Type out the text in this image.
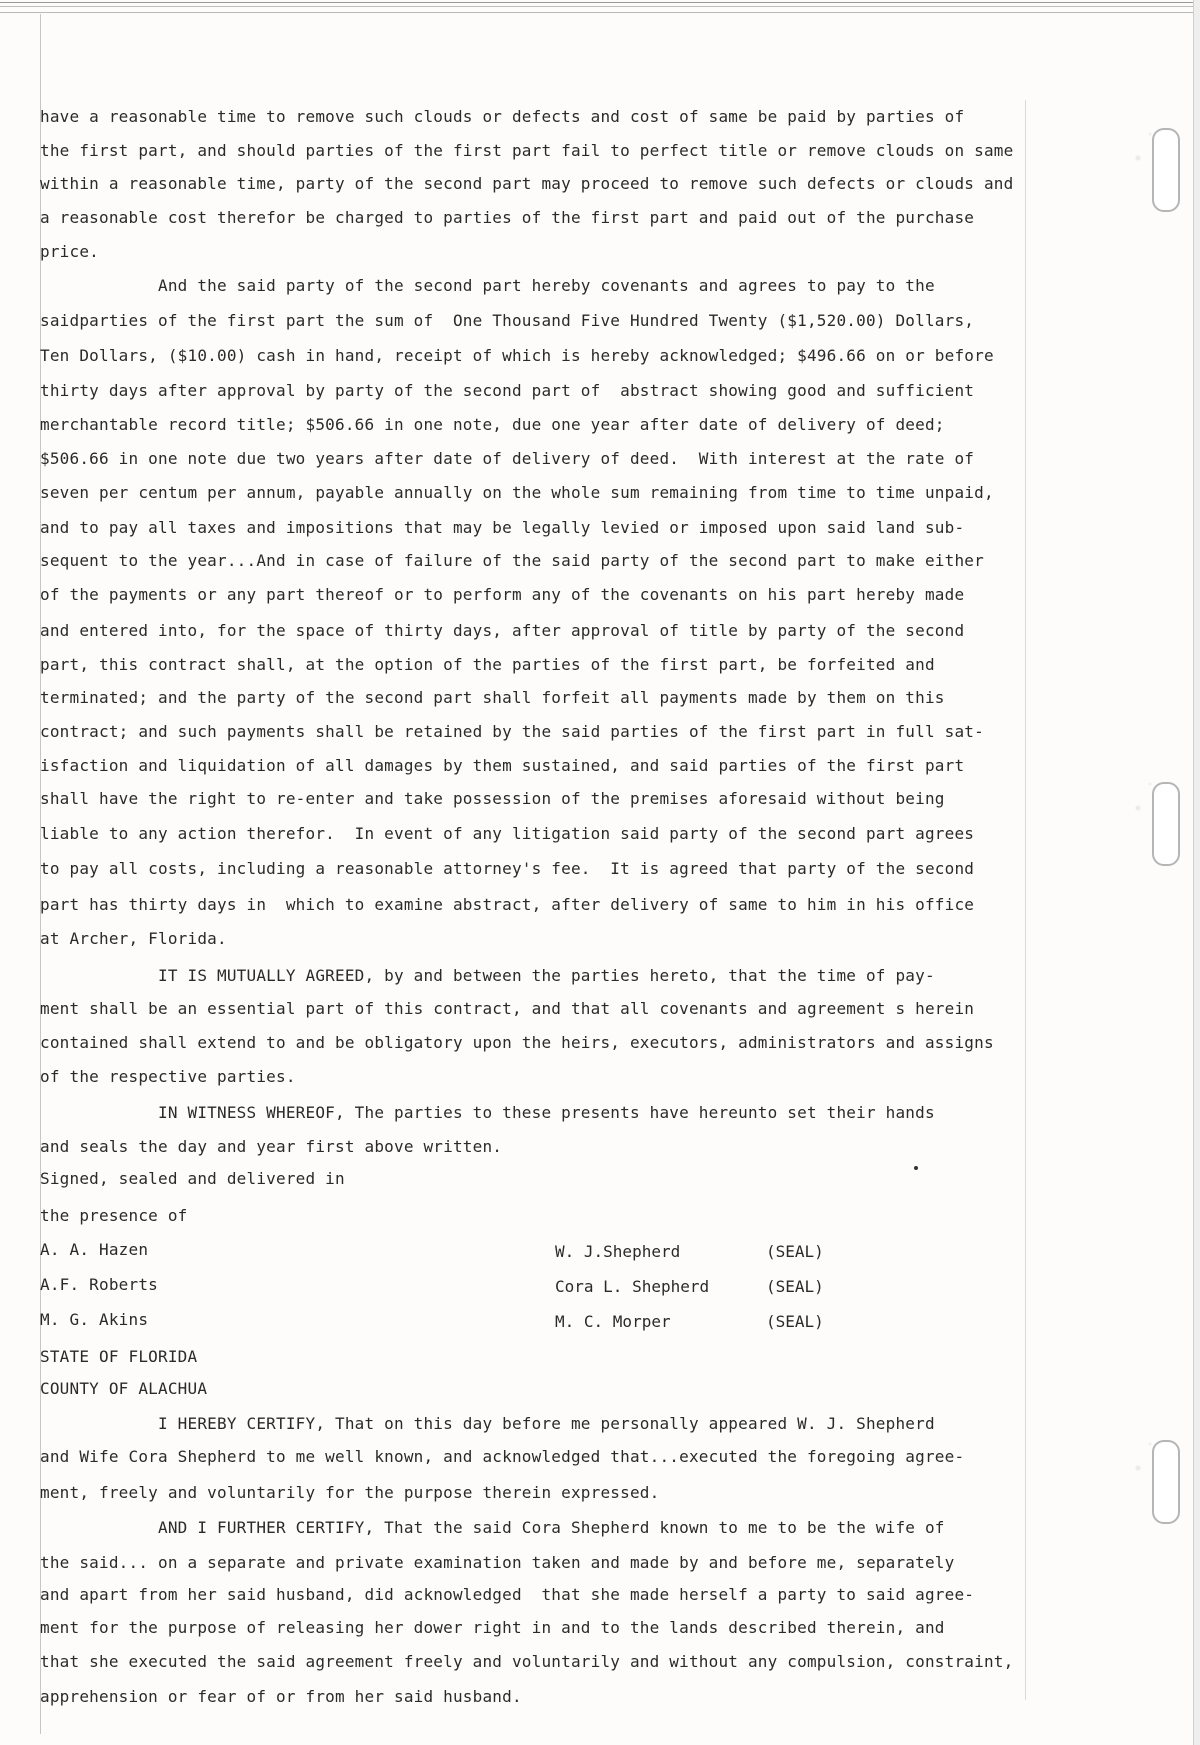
have a reasonable time to remove such clouds or defects and cost of same be paid by parties of
the first part, and should parties of the first part fail to perfect title or remove clouds on same
within a reasonable time, party of the second part may proceed to remove such defects or clouds and
a reasonable cost therefor be charged to parties of the first part and paid out of the purchase
price.
And the said party of the second part hereby covenants and agrees to pay to the
saidparties of the first part the sum of  One Thousand Five Hundred Twenty ($1,520.00) Dollars,
Ten Dollars, ($10.00) cash in hand, receipt of which is hereby acknowledged; $496.66 on or before
thirty days after approval by party of the second part of  abstract showing good and sufficient
merchantable record title; $506.66 in one note, due one year after date of delivery of deed;
$506.66 in one note due two years after date of delivery of deed.  With interest at the rate of
seven per centum per annum, payable annually on the whole sum remaining from time to time unpaid,
and to pay all taxes and impositions that may be legally levied or imposed upon said land sub-
sequent to the year...And in case of failure of the said party of the second part to make either
of the payments or any part thereof or to perform any of the covenants on his part hereby made
and entered into, for the space of thirty days, after approval of title by party of the second
part, this contract shall, at the option of the parties of the first part, be forfeited and
terminated; and the party of the second part shall forfeit all payments made by them on this
contract; and such payments shall be retained by the said parties of the first part in full sat-
isfaction and liquidation of all damages by them sustained, and said parties of the first part
shall have the right to re-enter and take possession of the premises aforesaid without being
liable to any action therefor.  In event of any litigation said party of the second part agrees
to pay all costs, including a reasonable attorney's fee.  It is agreed that party of the second
part has thirty days in  which to examine abstract, after delivery of same to him in his office
at Archer, Florida.
IT IS MUTUALLY AGREED, by and between the parties hereto, that the time of pay-
ment shall be an essential part of this contract, and that all covenants and agreement s herein
contained shall extend to and be obligatory upon the heirs, executors, administrators and assigns
of the respective parties.
IN WITNESS WHEREOF, The parties to these presents have hereunto set their hands
and seals the day and year first above written.
Signed, sealed and delivered in
the presence of
A. A. Hazen
A.F. Roberts
M. G. Akins
W. J.Shepherd
Cora L. Shepherd
M. C. Morper
(SEAL)
(SEAL)
(SEAL)
STATE OF FLORIDA
COUNTY OF ALACHUA
I HEREBY CERTIFY, That on this day before me personally appeared W. J. Shepherd
and Wife Cora Shepherd to me well known, and acknowledged that...executed the foregoing agree-
ment, freely and voluntarily for the purpose therein expressed.
AND I FURTHER CERTIFY, That the said Cora Shepherd known to me to be the wife of
the said... on a separate and private examination taken and made by and before me, separately
and apart from her said husband, did acknowledged  that she made herself a party to said agree-
ment for the purpose of releasing her dower right in and to the lands described therein, and
that she executed the said agreement freely and voluntarily and without any compulsion, constraint,
apprehension or fear of or from her said husband.
